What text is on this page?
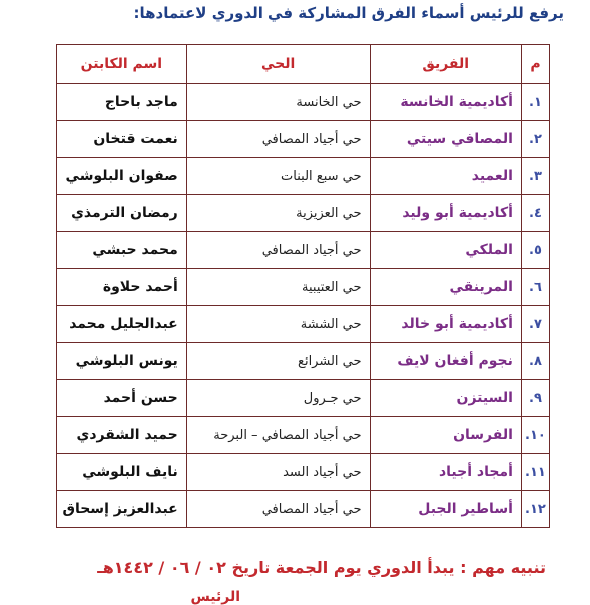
يرفع للرئيس أسماء الفرق المشاركة في الدوري لاعتمادها:
م	الفريق	الحي	اسم الكابتن
١.	أكاديمية الخانسة	حي الخانسة	ماجد باحاج
٢.	المصافي سيتي	حي أجياد المصافي	نعمت قتخان
٣.	العميد	حي سبع البنات	صفوان البلوشي
٤.	أكاديمية أبو وليد	حي العزيزية	رمضان الترمذي
٥.	الملكي	حي أجياد المصافي	محمد حبشي
٦.	المرينقي	حي العتيبية	أحمد حلاوة
٧.	أكاديمية أبو خالد	حي الششة	عبدالجليل محمد
٨.	نجوم أفغان لايف	حي الشرائع	يونس البلوشي
٩.	السيتزن	حي جـرول	حسن أحمد
١٠.	الفرسان	حي أجياد المصافي – البرحة	حميد الشقردي
١١.	أمجاد أجياد	حي أجياد السد	نايف البلوشي
١٢.	أساطير الجبل	حي أجياد المصافي	عبدالعزيز إسحاق
تنبيه مهم : يبدأ الدوري يوم الجمعة تاريخ ٠٢ / ٠٦ / ١٤٤٢هـ
الرئيس
